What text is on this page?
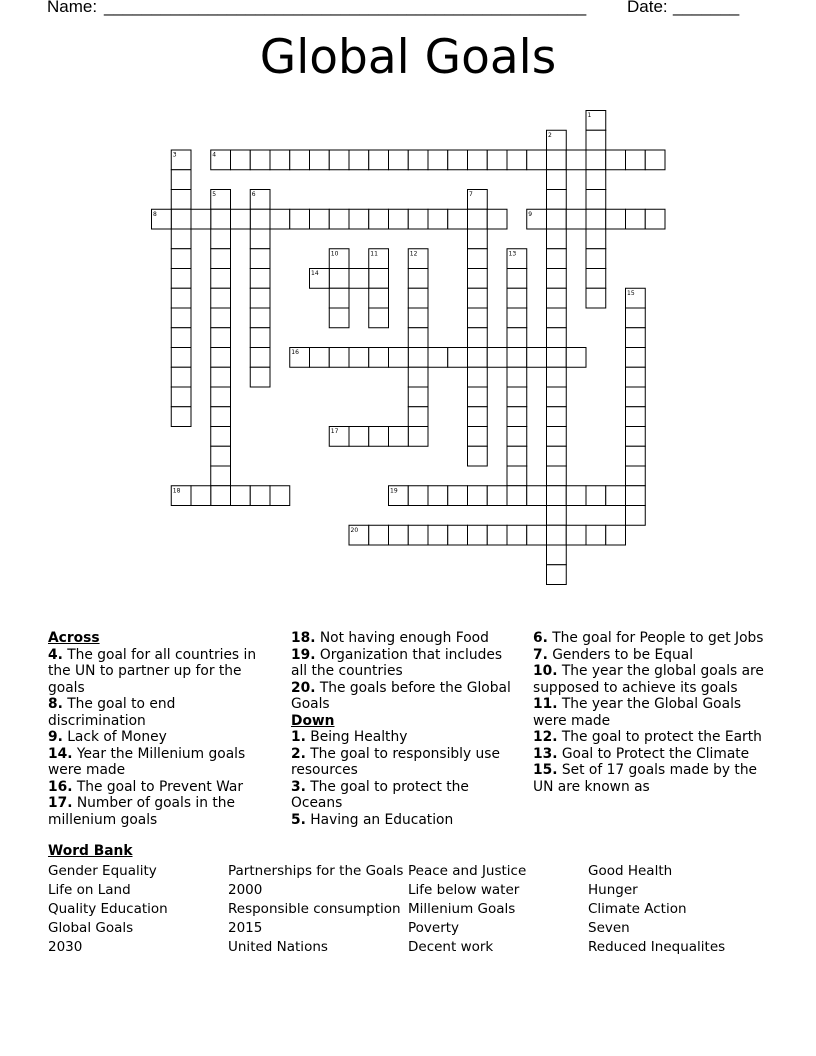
Name: ___________________________________________________ Date: _______
Global Goals
1
2
3	4
5	6	7
8	9
10	11	12	13
14
15
16
17
18	19
20

Across

4. The goal for all countries in the UN to partner up for the goals

8. The goal to end discrimination

9. Lack of Money

14. Year the Millenium goals were made

16. The goal to Prevent War

17. Number of goals in the millenium goals

18. Not having enough Food

19. Organization that includes all the countries

20. The goals before the Global Goals

Down

1. Being Healthy

2. The goal to responsibly use resources

3. The goal to protect the Oceans

5. Having an Education

6. The goal for People to get Jobs

7. Genders to be Equal

10. The year the global goals are supposed to achieve its goals

11. The year the Global Goals were made

12. The goal to protect the Earth

13. Goal to Protect the Climate

15. Set of 17 goals made by the UN are known as

Word Bank
Gender Equality
Life on Land
Quality Education
Global Goals
2030
Partnerships for the Goals
2000
Responsible consumption
2015
United Nations
Peace and Justice
Life below water
Millenium Goals
Poverty
Decent work
Good Health
Hunger
Climate Action
Seven
Reduced Inequalites
